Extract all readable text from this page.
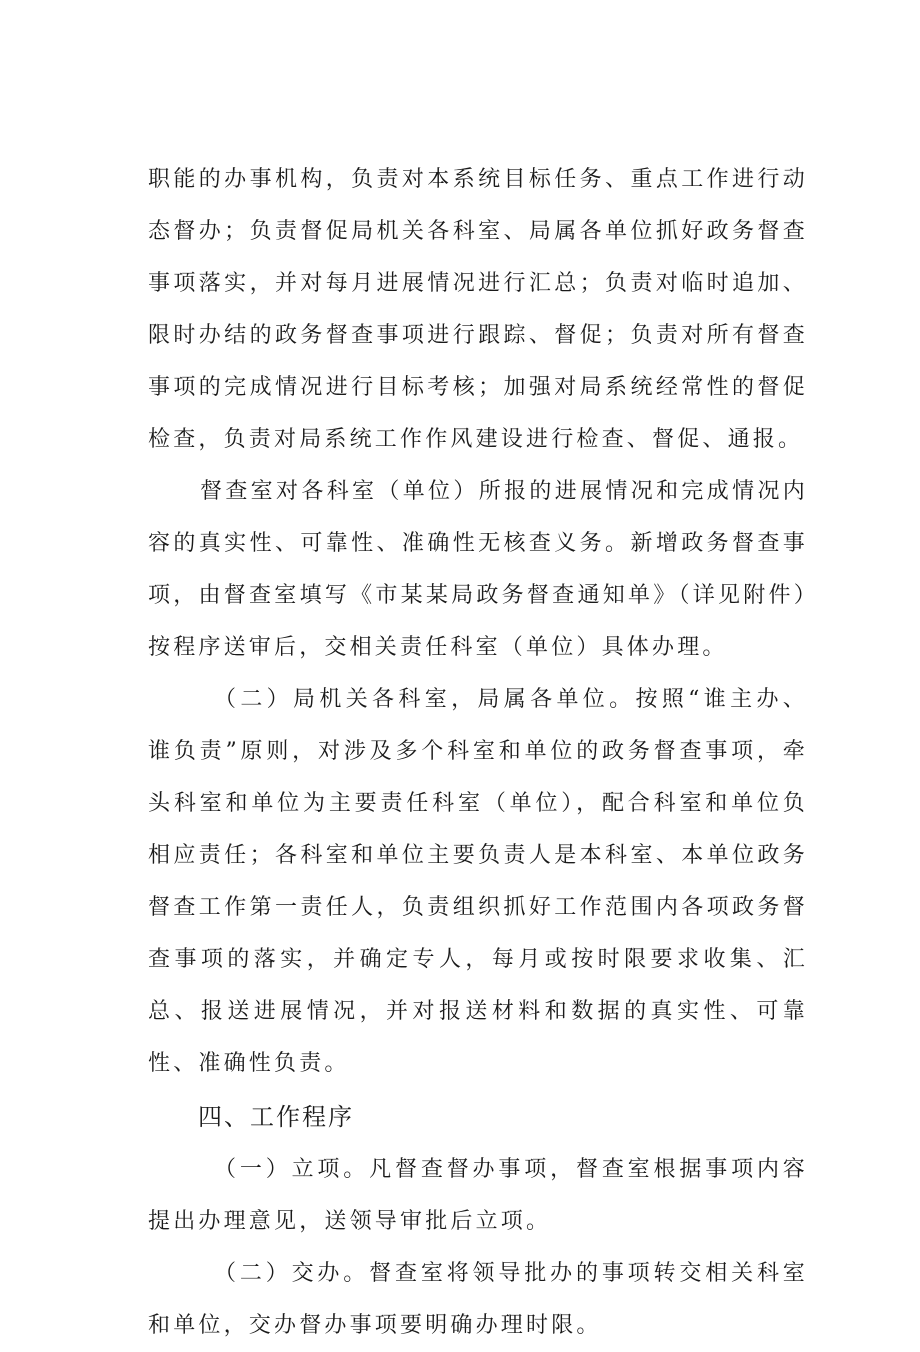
职能的办事机构，负责对本系统目标任务、重点工作进行动态督办；负责督促局机关各科室、局属各单位抓好政务督查事项落实，并对每月进展情况进行汇总；负责对临时追加、限时办结的政务督查事项进行跟踪、督促；负责对所有督查事项的完成情况进行目标考核；加强对局系统经常性的督促检查，负责对局系统工作作风建设进行检查、督促、通报。

督查室对各科室（单位）所报的进展情况和完成情况内容的真实性、可靠性、准确性无核查义务。新增政务督查事项，由督查室填写《市某某局政务督查通知单》（详见附件）按程序送审后，交相关责任科室（单位）具体办理。

（二）局机关各科室，局属各单位。按照“谁主办、谁负责”原则，对涉及多个科室和单位的政务督查事项，牵头科室和单位为主要责任科室（单位），配合科室和单位负相应责任；各科室和单位主要负责人是本科室、本单位政务督查工作第一责任人，负责组织抓好工作范围内各项政务督查事项的落实，并确定专人，每月或按时限要求收集、汇总、报送进展情况，并对报送材料和数据的真实性、可靠性、准确性负责。

四、工作程序

（一）立项。凡督查督办事项，督查室根据事项内容提出办理意见，送领导审批后立项。

（二）交办。督查室将领导批办的事项转交相关科室和单位，交办督办事项要明确办理时限。
